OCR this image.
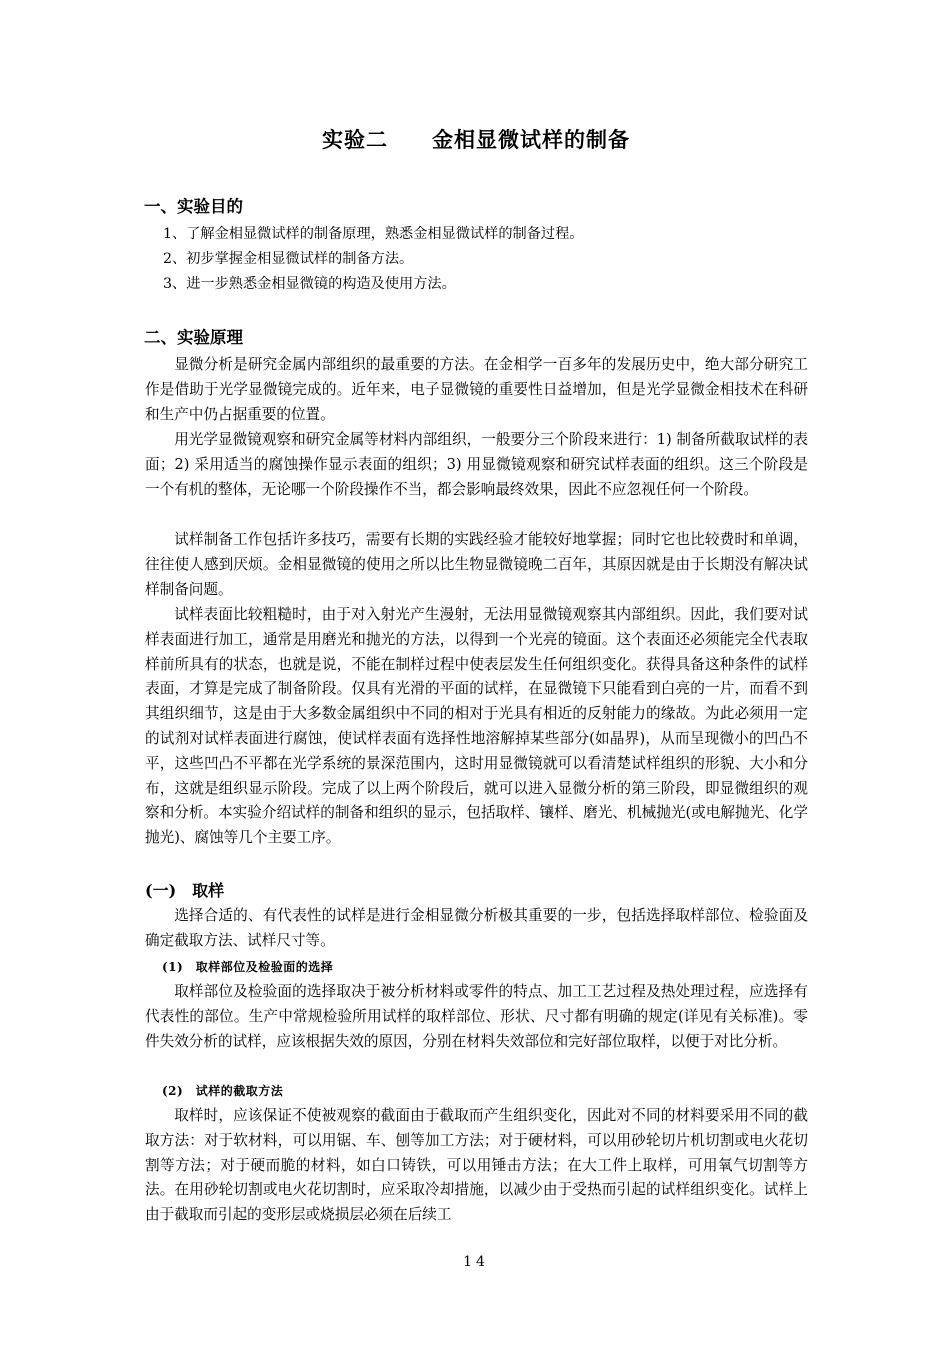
实验二　　金相显微试样的制备
一、实验目的
1、了解金相显微试样的制备原理，熟悉金相显微试样的制备过程。
2、初步掌握金相显微试样的制备方法。
3、进一步熟悉金相显微镜的构造及使用方法。
二、实验原理

显微分析是研究金属内部组织的最重要的方法。在金相学一百多年的发展历史中，绝大部分研究工作是借助于光学显微镜完成的。近年来，电子显微镜的重要性日益增加，但是光学显微金相技术在科研和生产中仍占据重要的位置。

用光学显微镜观察和研究金属等材料内部组织，一般要分三个阶段来进行：1) 制备所截取试样的表面；2) 采用适当的腐蚀操作显示表面的组织；3) 用显微镜观察和研究试样表面的组织。这三个阶段是一个有机的整体，无论哪一个阶段操作不当，都会影响最终效果，因此不应忽视任何一个阶段。

试样制备工作包括许多技巧，需要有长期的实践经验才能较好地掌握；同时它也比较费时和单调，往往使人感到厌烦。金相显微镜的使用之所以比生物显微镜晚二百年，其原因就是由于长期没有解决试样制备问题。

试样表面比较粗糙时，由于对入射光产生漫射，无法用显微镜观察其内部组织。因此，我们要对试样表面进行加工，通常是用磨光和抛光的方法，以得到一个光亮的镜面。这个表面还必须能完全代表取样前所具有的状态，也就是说，不能在制样过程中使表层发生任何组织变化。获得具备这种条件的试样表面，才算是完成了制备阶段。仅具有光滑的平面的试样，在显微镜下只能看到白亮的一片，而看不到其组织细节，这是由于大多数金属组织中不同的相对于光具有相近的反射能力的缘故。为此必须用一定的试剂对试样表面进行腐蚀，使试样表面有选择性地溶解掉某些部分(如晶界)，从而呈现微小的凹凸不平，这些凹凸不平都在光学系统的景深范围内，这时用显微镜就可以看清楚试样组织的形貌、大小和分布，这就是组织显示阶段。完成了以上两个阶段后，就可以进入显微分析的第三阶段，即显微组织的观察和分析。本实验介绍试样的制备和组织的显示，包括取样、镶样、磨光、机械抛光(或电解抛光、化学抛光)、腐蚀等几个主要工序。

(一)　取样

选择合适的、有代表性的试样是进行金相显微分析极其重要的一步，包括选择取样部位、检验面及确定截取方法、试样尺寸等。

(1)　取样部位及检验面的选择

取样部位及检验面的选择取决于被分析材料或零件的特点、加工工艺过程及热处理过程，应选择有代表性的部位。生产中常规检验所用试样的取样部位、形状、尺寸都有明确的规定(详见有关标准)。零件失效分析的试样，应该根据失效的原因，分别在材料失效部位和完好部位取样，以便于对比分析。

(2)　试样的截取方法

取样时，应该保证不使被观察的截面由于截取而产生组织变化，因此对不同的材料要采用不同的截取方法：对于软材料，可以用锯、车、刨等加工方法；对于硬材料，可以用砂轮切片机切割或电火花切割等方法；对于硬而脆的材料，如白口铸铁，可以用锤击方法；在大工件上取样，可用氧气切割等方法。在用砂轮切割或电火花切割时，应采取冷却措施，以减少由于受热而引起的试样组织变化。试样上由于截取而引起的变形层或烧损层必须在后续工

14
